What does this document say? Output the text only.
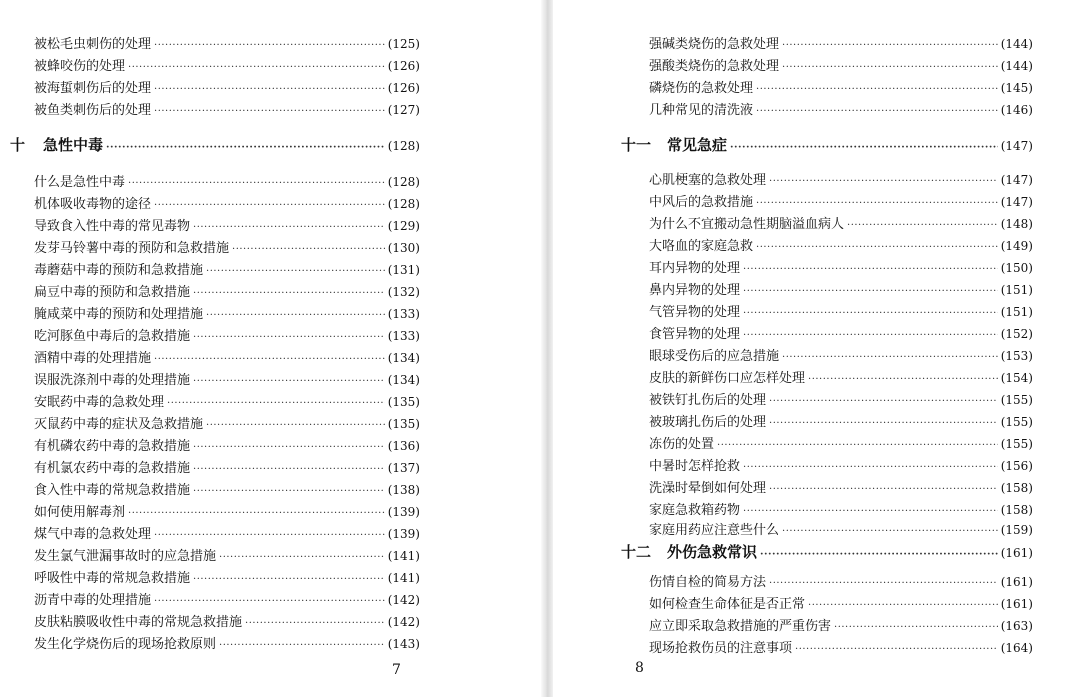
被松毛虫刺伤的处理 ·····	(125)
被蜂咬伤的处理 ·····	(126)
被海蜇刺伤后的处理 ·····	(126)
被鱼类刺伤后的处理 ·····	(127)
十 急性中毒 ·····	(128)
什么是急性中毒 ·····	(128)
机体吸收毒物的途径 ·····	(128)
导致食入性中毒的常见毒物 ·····	(129)
发芽马铃薯中毒的预防和急救措施 ·····	(130)
毒蘑菇中毒的预防和急救措施 ·····	(131)
扁豆中毒的预防和急救措施 ·····	(132)
腌咸菜中毒的预防和处理措施 ·····	(133)
吃河豚鱼中毒后的急救措施 ·····	(133)
酒精中毒的处理措施 ·····	(134)
误服洗涤剂中毒的处理措施 ·····	(134)
安眠药中毒的急救处理 ·····	(135)
灭鼠药中毒的症状及急救措施 ·····	(135)
有机磷农药中毒的急救措施 ·····	(136)
有机氯农药中毒的急救措施 ·····	(137)
食入性中毒的常规急救措施 ·····	(138)
如何使用解毒剂 ·····	(139)
煤气中毒的急救处理 ·····	(139)
发生氯气泄漏事故时的应急措施 ·····	(141)
呼吸性中毒的常规急救措施 ·····	(141)
沥青中毒的处理措施 ·····	(142)
皮肤粘膜吸收性中毒的常规急救措施 ·····	(142)
发生化学烧伤后的现场抢救原则 ·····	(143)
7
强碱类烧伤的急救处理 ·····	(144)
强酸类烧伤的急救处理 ·····	(144)
磷烧伤的急救处理 ·····	(145)
几种常见的清洗液 ·····	(146)
十一 常见急症 ·····	(147)
心肌梗塞的急救处理 ·····	(147)
中风后的急救措施 ·····	(147)
为什么不宜搬动急性期脑溢血病人 ·····	(148)
大咯血的家庭急救 ·····	(149)
耳内异物的处理 ·····	(150)
鼻内异物的处理 ·····	(151)
气管异物的处理 ·····	(151)
食管异物的处理 ·····	(152)
眼球受伤后的应急措施 ·····	(153)
皮肤的新鲜伤口应怎样处理 ·····	(154)
被铁钉扎伤后的处理 ·····	(155)
被玻璃扎伤后的处理 ·····	(155)
冻伤的处置 ·····	(155)
中暑时怎样抢救 ·····	(156)
洗澡时晕倒如何处理 ·····	(158)
家庭急救箱药物 ·····	(158)
家庭用药应注意些什么 ·····	(159)
十二 外伤急救常识 ·····	(161)
伤情自检的简易方法 ·····	(161)
如何检查生命体征是否正常 ·····	(161)
应立即采取急救措施的严重伤害 ·····	(163)
现场抢救伤员的注意事项 ·····	(164)
8
